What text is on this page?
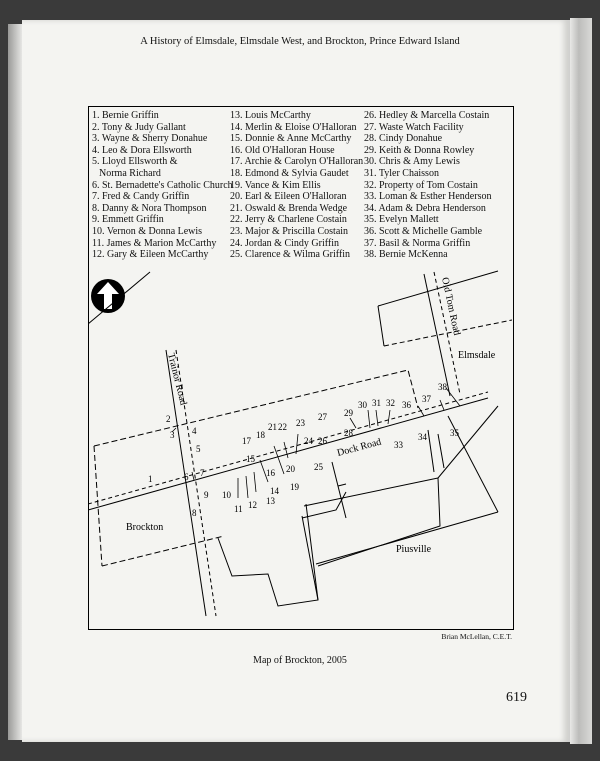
A History of Elmsdale, Elmsdale West, and Brockton, Prince Edward Island
1. Bernie Griffin
2. Tony & Judy Gallant
3. Wayne & Sherry Donahue
4. Leo & Dora Ellsworth
5. Lloyd Ellsworth &
Norma Richard
6. St. Bernadette's Catholic Church
7. Fred & Candy Griffin
8. Danny & Nora Thompson
9. Emmett Griffin
10. Vernon & Donna Lewis
11. James & Marion McCarthy
12. Gary & Eileen McCarthy
13. Louis McCarthy
14. Merlin & Eloise O'Halloran
15. Donnie & Anne McCarthy
16. Old O'Halloran House
17. Archie & Carolyn O'Halloran
18. Edmond & Sylvia Gaudet
19. Vance & Kim Ellis
20. Earl & Eileen O'Halloran
21. Oswald & Brenda Wedge
22. Jerry & Charlene Costain
23. Major & Priscilla Costain
24. Jordan & Cindy Griffin
25. Clarence & Wilma Griffin
26. Hedley & Marcella Costain
27. Waste Watch Facility
28. Cindy Donahue
29. Keith & Donna Rowley
30. Chris & Amy Lewis
31. Tyler Chaisson
32. Property of Tom Costain
33. Loman & Esther Henderson
34. Adam & Debra Henderson
35. Evelyn Mallett
36. Scott & Michelle Gamble
37. Basil & Norma Griffin
38. Bernie McKenna
1
2
3 4
5
6 7
8
9 10
11 12 13
14
15
16
17
18
19
20
21 22 23
24
25
26
27
28
29
30 31 32
33
34	35
36
37
38
Trainor Road
Dock Road
Old Tom Road
Elmsdale
Brockton
Piusville
Brian McLellan, C.E.T.
Map of Brockton, 2005
619
